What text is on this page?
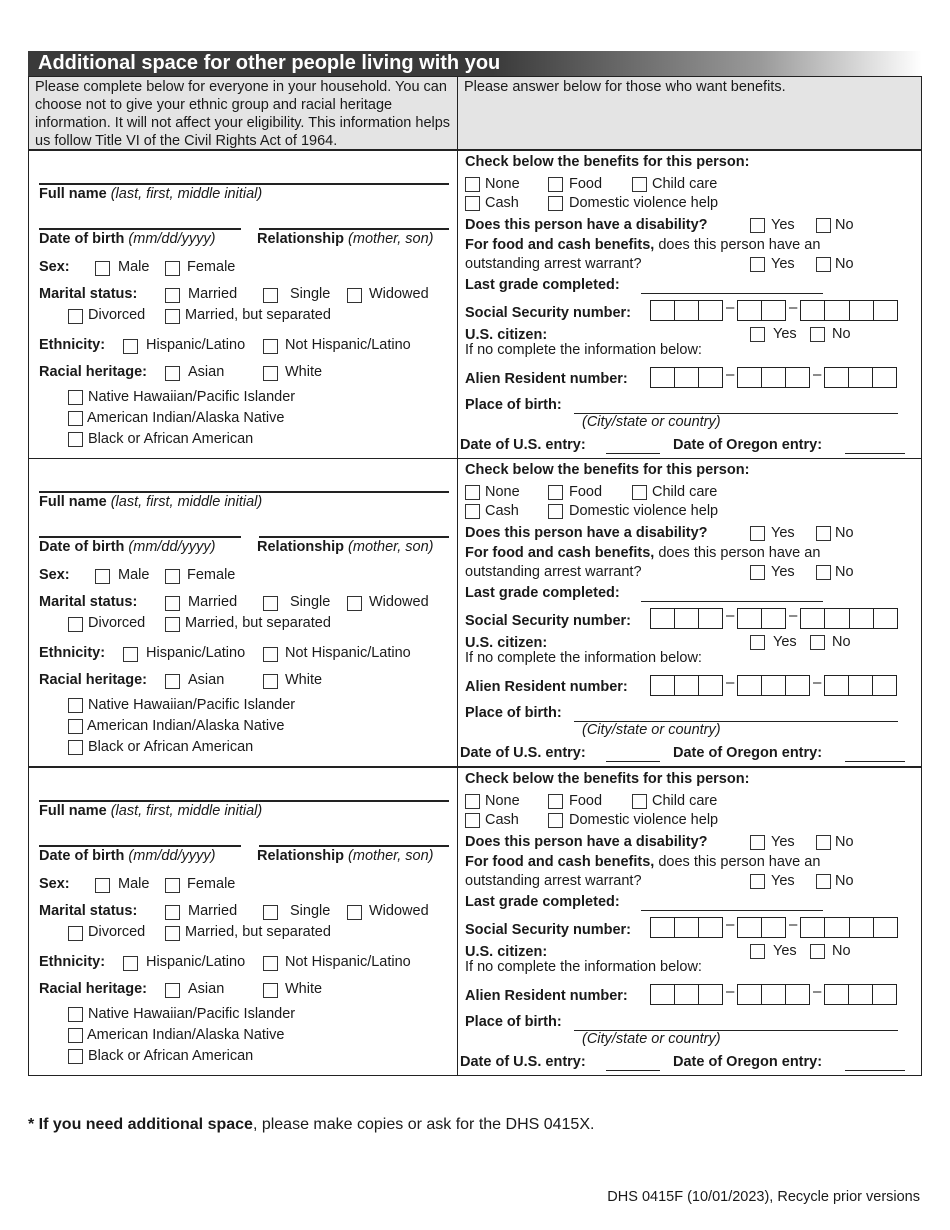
Additional space for other people living with you
Please complete below for everyone in your household. You can choose not to give your ethnic group and racial heritage information. It will not affect your eligibility. This information helps us follow Title VI of the Civil Rights Act of 1964.
Please answer below for those who want benefits.
Full name (last, first, middle initial)
Date of birth (mm/dd/yyyy)	Relationship (mother, son)
Sex:	Male	Female
Marital status:	Married	Single	Widowed
Divorced	Married, but separated
Ethnicity:	Hispanic/Latino	Not Hispanic/Latino
Racial heritage:	Asian	White
Native Hawaiian/Pacific Islander
American Indian/Alaska Native
Black or African American
Check below the benefits for this person:
None	Food	Child care
Cash	Domestic violence help
Does this person have a disability?	Yes	No
For food and cash benefits, does this person have an
outstanding arrest warrant?	Yes	No
Last grade completed:
Social Security number:	–	–
U.S. citizen:	Yes No
If no complete the information below:
Alien Resident number:	–	–
Place of birth:
(City/state or country)
Date of U.S. entry:	Date of Oregon entry:
Full name (last, first, middle initial)
Date of birth (mm/dd/yyyy)	Relationship (mother, son)
Sex:	Male	Female
Marital status:	Married	Single	Widowed
Divorced	Married, but separated
Ethnicity:	Hispanic/Latino	Not Hispanic/Latino
Racial heritage:	Asian	White
Native Hawaiian/Pacific Islander
American Indian/Alaska Native
Black or African American
Check below the benefits for this person:
None	Food	Child care
Cash	Domestic violence help
Does this person have a disability?	Yes	No
For food and cash benefits, does this person have an
outstanding arrest warrant?	Yes	No
Last grade completed:
Social Security number:	–	–
U.S. citizen:	Yes No
If no complete the information below:
Alien Resident number:	–	–
Place of birth:
(City/state or country)
Date of U.S. entry:	Date of Oregon entry:
Full name (last, first, middle initial)
Date of birth (mm/dd/yyyy)	Relationship (mother, son)
Sex:	Male	Female
Marital status:	Married	Single	Widowed
Divorced	Married, but separated
Ethnicity:	Hispanic/Latino	Not Hispanic/Latino
Racial heritage:	Asian	White
Native Hawaiian/Pacific Islander
American Indian/Alaska Native
Black or African American
Check below the benefits for this person:
None	Food	Child care
Cash	Domestic violence help
Does this person have a disability?	Yes	No
For food and cash benefits, does this person have an
outstanding arrest warrant?	Yes	No
Last grade completed:
Social Security number:	–	–
U.S. citizen:	Yes No
If no complete the information below:
Alien Resident number:	–	–
Place of birth:
(City/state or country)
Date of U.S. entry:	Date of Oregon entry:
* If you need additional space, please make copies or ask for the DHS 0415X.
DHS 0415F (10/01/2023), Recycle prior versions
